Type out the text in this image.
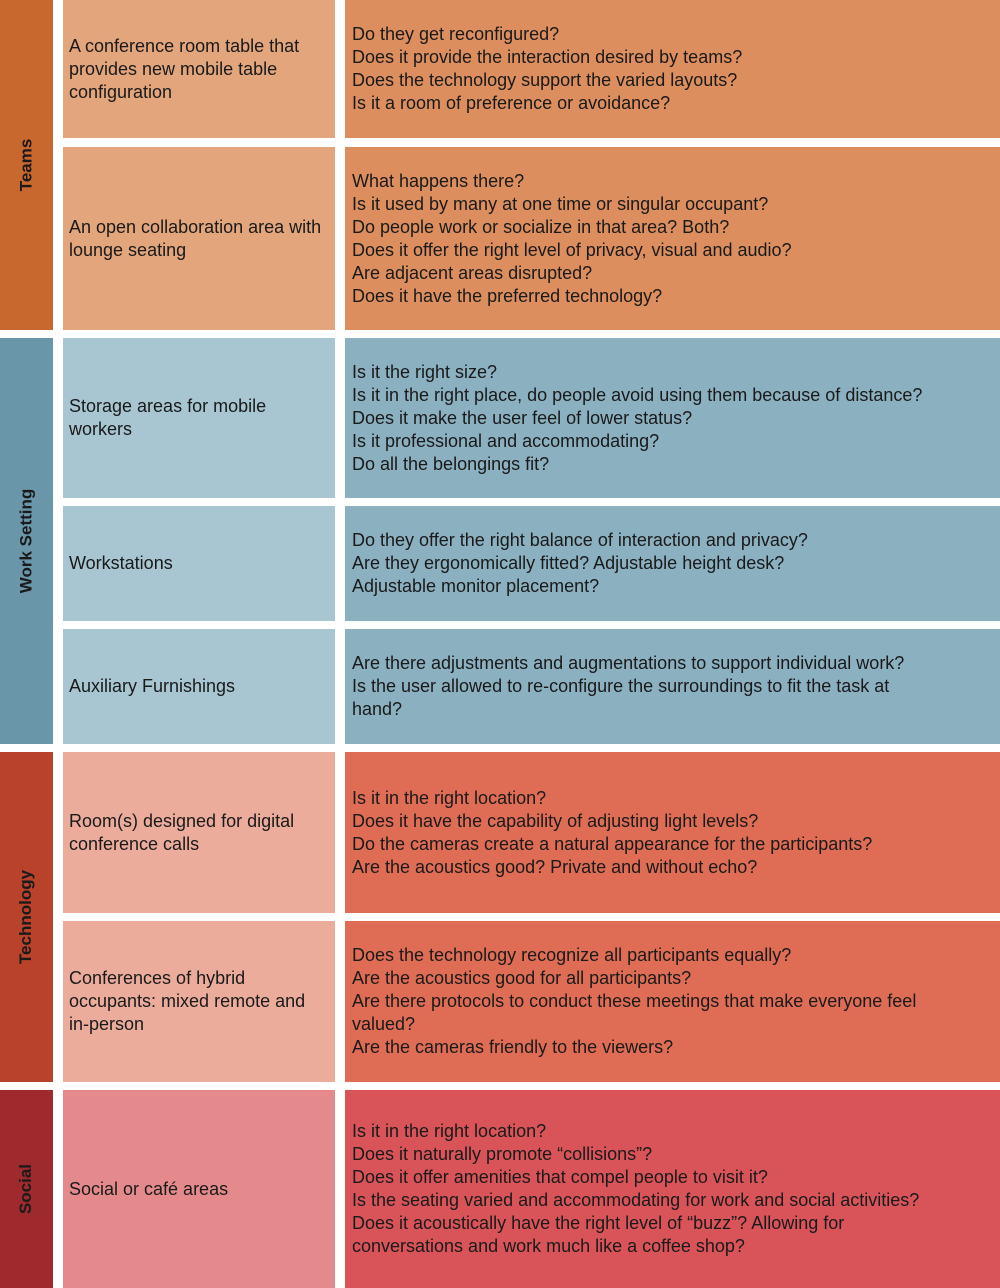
Teams
A conference room table that provides new mobile table configuration
Do they get reconfigured?
Does it provide the interaction desired by teams?
Does the technology support the varied layouts?
Is it a room of preference or avoidance?
An open collaboration area with lounge seating
What happens there?
Is it used by many at one time or singular occupant?
Do people work or socialize in that area? Both?
Does it offer the right level of privacy, visual and audio?
Are adjacent areas disrupted?
Does it have the preferred technology?
Work Setting
Storage areas for mobile workers
Is it the right size?
Is it in the right place, do people avoid using them because of distance?
Does it make the user feel of lower status?
Is it professional and accommodating?
Do all the belongings fit?
Workstations
Do they offer the right balance of interaction and privacy?
Are they ergonomically fitted? Adjustable height desk?
Adjustable monitor placement?
Auxiliary Furnishings
Are there adjustments and augmentations to support individual work?
Is the user allowed to re-configure the surroundings to fit the task at
hand?
Technology
Room(s) designed for digital conference calls
Is it in the right location?
Does it have the capability of adjusting light levels?
Do the cameras create a natural appearance for the participants?
Are the acoustics good? Private and without echo?
Conferences of hybrid occupants: mixed remote and in-person
Does the technology recognize all participants equally?
Are the acoustics good for all participants?
Are there protocols to conduct these meetings that make everyone feel
valued?
Are the cameras friendly to the viewers?
Social Social or café areas
Is it in the right location?
Does it naturally promote “collisions”?
Does it offer amenities that compel people to visit it?
Is the seating varied and accommodating for work and social activities?
Does it acoustically have the right level of “buzz”? Allowing for
conversations and work much like a coffee shop?
